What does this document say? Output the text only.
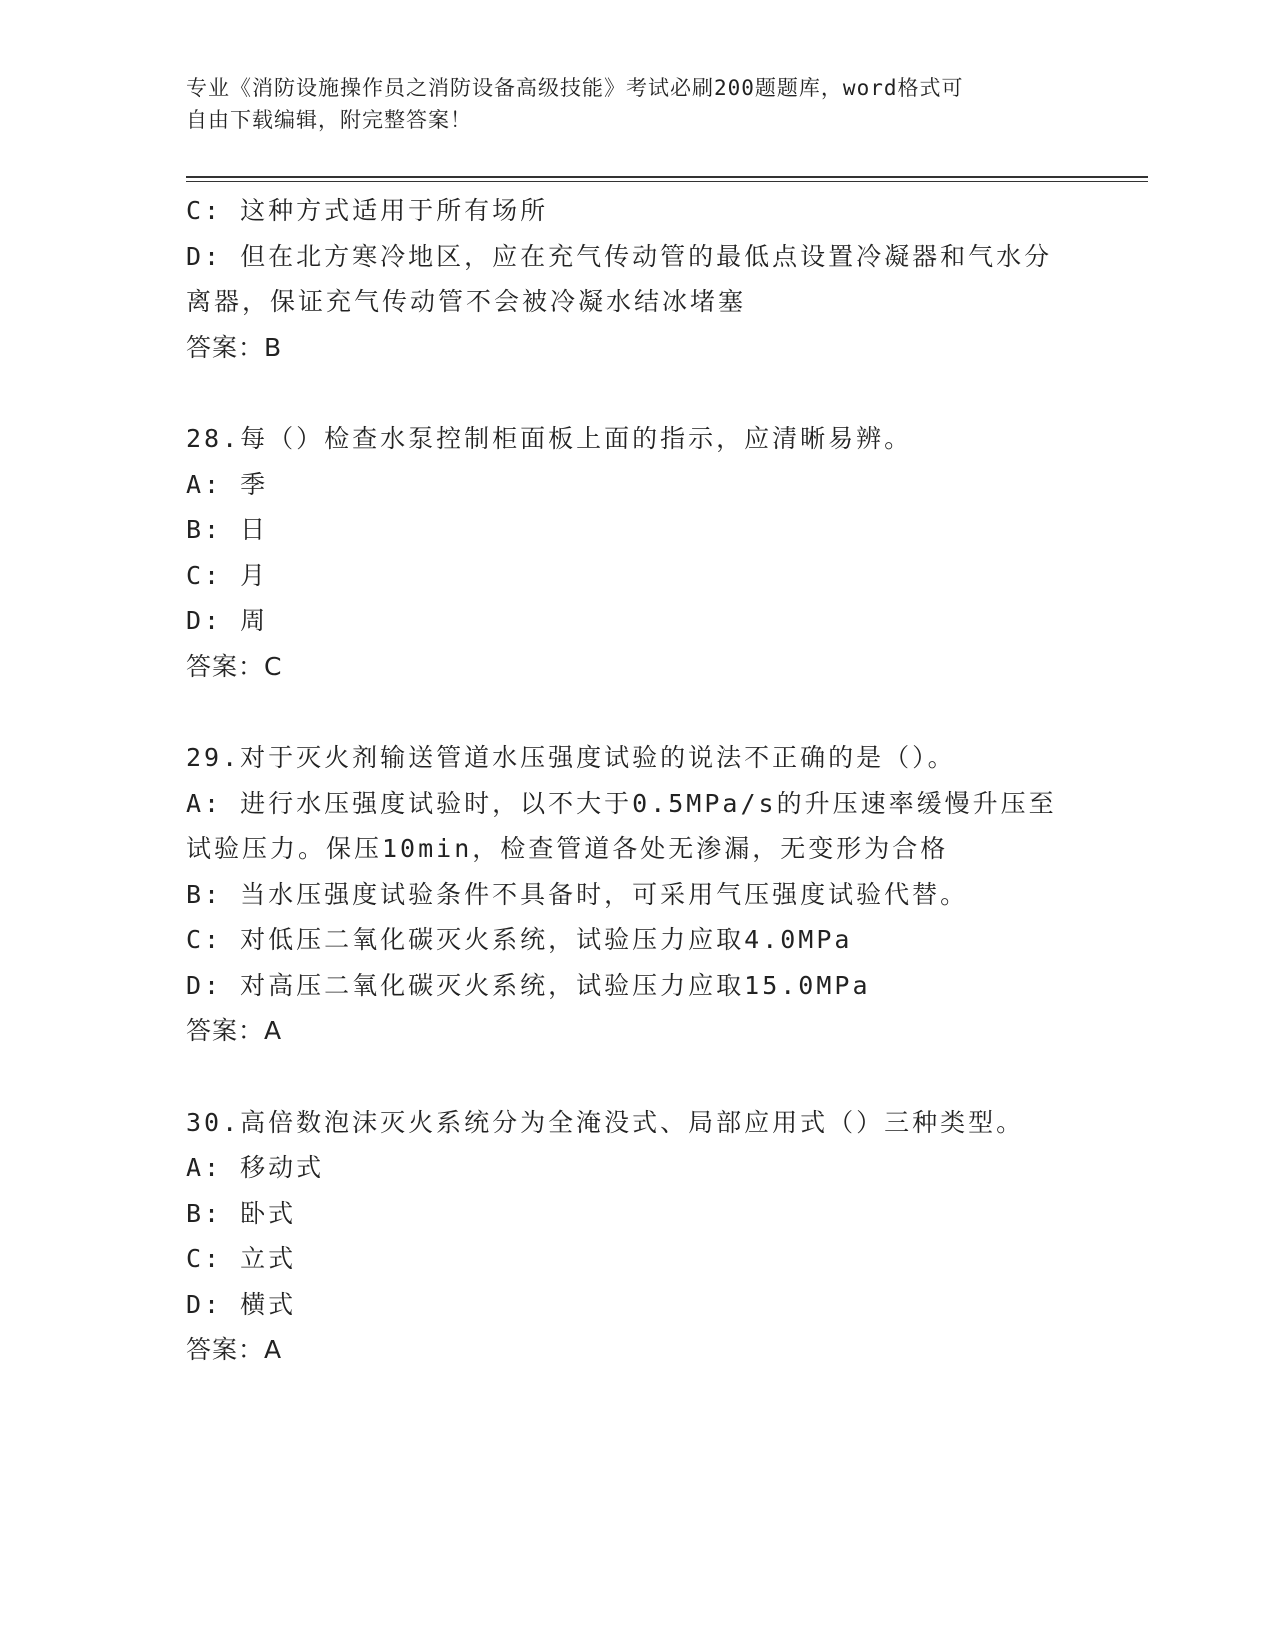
专业《消防设施操作员之消防设备高级技能》考试必刷200题题库，word格式可
自由下载编辑，附完整答案！
C: 这种方式适用于所有场所
D: 但在北方寒冷地区，应在充气传动管的最低点设置冷凝器和气水分
离器，保证充气传动管不会被冷凝水结冰堵塞
答案：B
28.每（）检查水泵控制柜面板上面的指示，应清晰易辨。
A: 季
B: 日
C: 月
D: 周
答案：C
29.对于灭火剂输送管道水压强度试验的说法不正确的是（）。
A: 进行水压强度试验时，以不大于0.5MPa/s的升压速率缓慢升压至
试验压力。保压10min，检查管道各处无渗漏，无变形为合格
B: 当水压强度试验条件不具备时，可采用气压强度试验代替。
C: 对低压二氧化碳灭火系统，试验压力应取4.0MPa
D: 对高压二氧化碳灭火系统，试验压力应取15.0MPa
答案：A
30.高倍数泡沫灭火系统分为全淹没式、局部应用式（）三种类型。
A: 移动式
B: 卧式
C: 立式
D: 横式
答案：A
